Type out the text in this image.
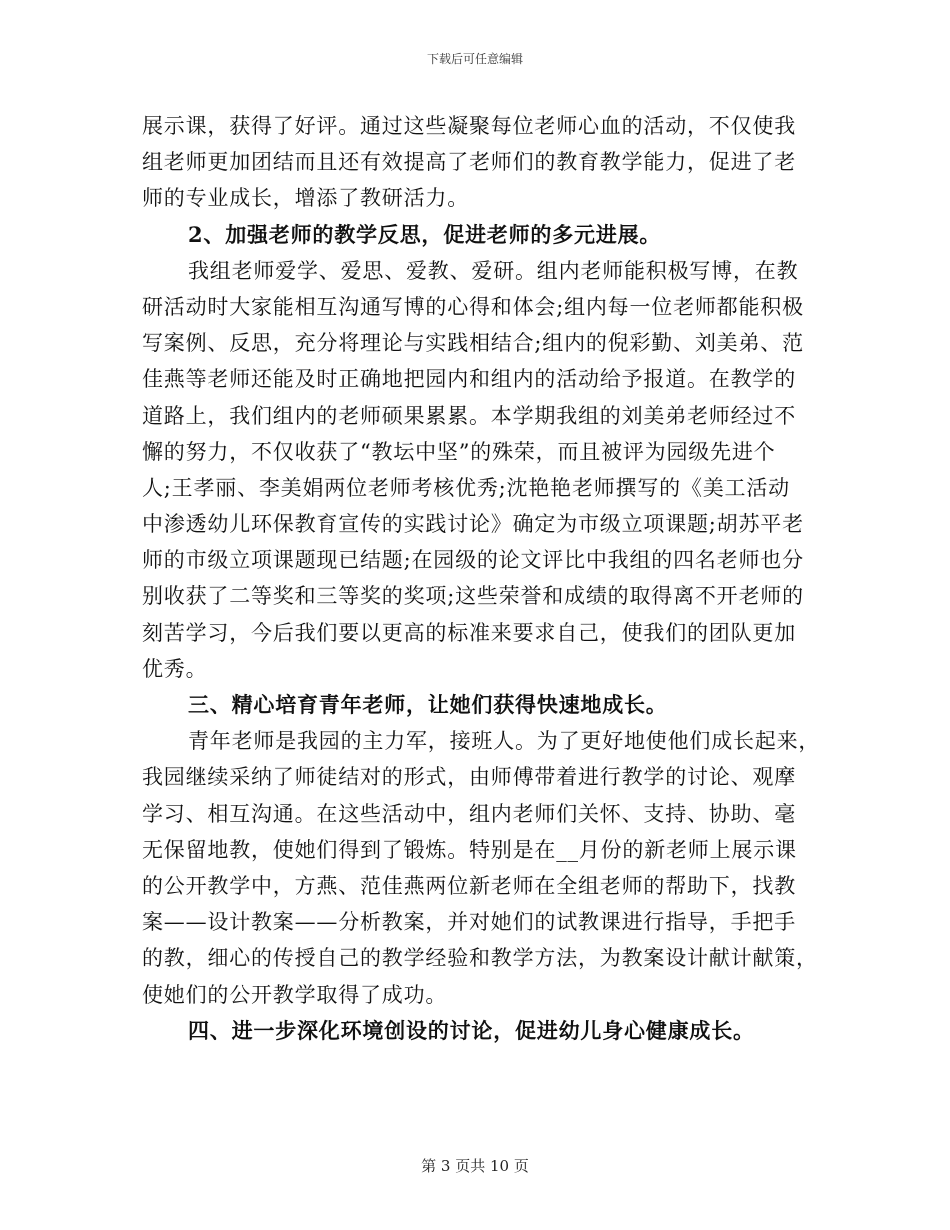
下载后可任意编辑
展示课，获得了好评。通过这些凝聚每位老师心血的活动，不仅使我
组老师更加团结而且还有效提高了老师们的教育教学能力，促进了老
师的专业成长，增添了教研活力。
2、加强老师的教学反思，促进老师的多元进展。
我组老师爱学、爱思、爱教、爱研。组内老师能积极写博，在教
研活动时大家能相互沟通写博的心得和体会;组内每一位老师都能积极
写案例、反思，充分将理论与实践相结合;组内的倪彩勤、刘美弟、范
佳燕等老师还能及时正确地把园内和组内的活动给予报道。在教学的
道路上，我们组内的老师硕果累累。本学期我组的刘美弟老师经过不
懈的努力，不仅收获了“教坛中坚”的殊荣，而且被评为园级先进个
人;王孝丽、李美娟两位老师考核优秀;沈艳艳老师撰写的《美工活动
中渗透幼儿环保教育宣传的实践讨论》确定为市级立项课题;胡苏平老
师的市级立项课题现已结题;在园级的论文评比中我组的四名老师也分
别收获了二等奖和三等奖的奖项;这些荣誉和成绩的取得离不开老师的
刻苦学习，今后我们要以更高的标准来要求自己，使我们的团队更加
优秀。
三、精心培育青年老师，让她们获得快速地成长。
青年老师是我园的主力军，接班人。为了更好地使他们成长起来，
我园继续采纳了师徒结对的形式，由师傅带着进行教学的讨论、观摩
学习、相互沟通。在这些活动中，组内老师们关怀、支持、协助、毫
无保留地教，使她们得到了锻炼。特别是在__月份的新老师上展示课
的公开教学中，方燕、范佳燕两位新老师在全组老师的帮助下，找教
案——设计教案——分析教案，并对她们的试教课进行指导，手把手
的教，细心的传授自己的教学经验和教学方法，为教案设计献计献策，
使她们的公开教学取得了成功。
四、进一步深化环境创设的讨论，促进幼儿身心健康成长。
第 3 页共 10 页
